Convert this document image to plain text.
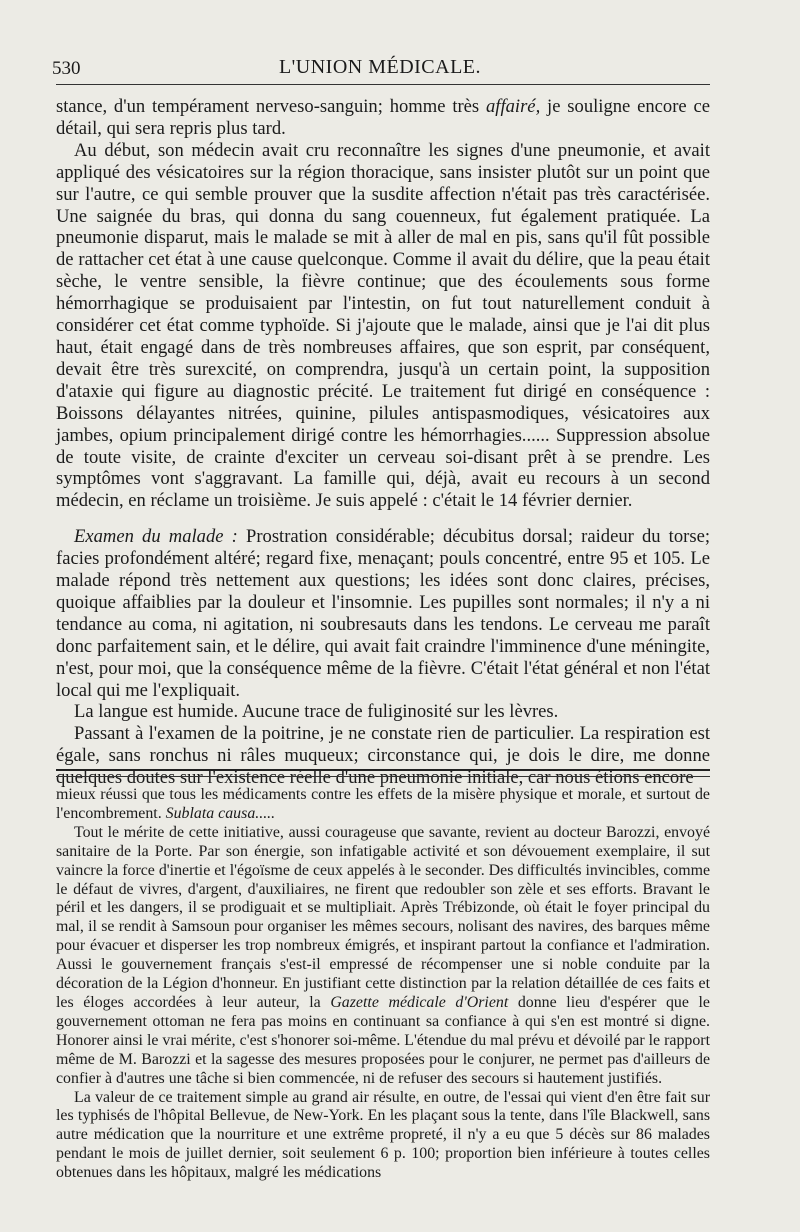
530	L'UNION MÉDICALE.

stance, d'un tempérament nerveso-sanguin; homme très affairé, je souligne encore ce détail, qui sera repris plus tard.

Au début, son médecin avait cru reconnaître les signes d'une pneumonie, et avait appliqué des vésicatoires sur la région thoracique, sans insister plutôt sur un point que sur l'autre, ce qui semble prouver que la susdite affection n'était pas très caractérisée. Une saignée du bras, qui donna du sang couenneux, fut également pratiquée. La pneumonie disparut, mais le malade se mit à aller de mal en pis, sans qu'il fût possible de rattacher cet état à une cause quelconque. Comme il avait du délire, que la peau était sèche, le ventre sensible, la fièvre continue; que des écoulements sous forme hémorrhagique se produisaient par l'intestin, on fut tout naturellement conduit à considérer cet état comme typhoïde. Si j'ajoute que le malade, ainsi que je l'ai dit plus haut, était engagé dans de très nombreuses affaires, que son esprit, par conséquent, devait être très surexcité, on comprendra, jusqu'à un certain point, la supposition d'ataxie qui figure au diagnostic précité. Le traitement fut dirigé en conséquence : Boissons délayantes nitrées, quinine, pilules antispasmodiques, vésicatoires aux jambes, opium principalement dirigé contre les hémorrhagies...... Suppression absolue de toute visite, de crainte d'exciter un cerveau soi-disant prêt à se prendre. Les symptômes vont s'aggravant. La famille qui, déjà, avait eu recours à un second médecin, en réclame un troisième. Je suis appelé : c'était le 14 février dernier.

Examen du malade : Prostration considérable; décubitus dorsal; raideur du torse; facies profondément altéré; regard fixe, menaçant; pouls concentré, entre 95 et 105. Le malade répond très nettement aux questions; les idées sont donc claires, précises, quoique affaiblies par la douleur et l'insomnie. Les pupilles sont normales; il n'y a ni tendance au coma, ni agitation, ni soubresauts dans les tendons. Le cerveau me paraît donc parfaitement sain, et le délire, qui avait fait craindre l'imminence d'une méningite, n'est, pour moi, que la conséquence même de la fièvre. C'était l'état général et non l'état local qui me l'expliquait.

La langue est humide. Aucune trace de fuliginosité sur les lèvres.

Passant à l'examen de la poitrine, je ne constate rien de particulier. La respiration est égale, sans ronchus ni râles muqueux; circonstance qui, je dois le dire, me donne quelques doutes sur l'existence réelle d'une pneumonie initiale, car nous étions encore

mieux réussi que tous les médicaments contre les effets de la misère physique et morale, et surtout de l'encombrement. Sublata causa.....

Tout le mérite de cette initiative, aussi courageuse que savante, revient au docteur Barozzi, envoyé sanitaire de la Porte. Par son énergie, son infatigable activité et son dévouement exemplaire, il sut vaincre la force d'inertie et l'égoïsme de ceux appelés à le seconder. Des difficultés invincibles, comme le défaut de vivres, d'argent, d'auxiliaires, ne firent que redoubler son zèle et ses efforts. Bravant le péril et les dangers, il se prodiguait et se multipliait. Après Trébizonde, où était le foyer principal du mal, il se rendit à Samsoun pour organiser les mêmes secours, nolisant des navires, des barques même pour évacuer et disperser les trop nombreux émigrés, et inspirant partout la confiance et l'admiration. Aussi le gouvernement français s'est-il empressé de récompenser une si noble conduite par la décoration de la Légion d'honneur. En justifiant cette distinction par la relation détaillée de ces faits et les éloges accordées à leur auteur, la Gazette médicale d'Orient donne lieu d'espérer que le gouvernement ottoman ne fera pas moins en continuant sa confiance à qui s'en est montré si digne. Honorer ainsi le vrai mérite, c'est s'honorer soi-même. L'étendue du mal prévu et dévoilé par le rapport même de M. Barozzi et la sagesse des mesures proposées pour le conjurer, ne permet pas d'ailleurs de confier à d'autres une tâche si bien commencée, ni de refuser des secours si hautement justifiés.

La valeur de ce traitement simple au grand air résulte, en outre, de l'essai qui vient d'en être fait sur les typhisés de l'hôpital Bellevue, de New-York. En les plaçant sous la tente, dans l'île Blackwell, sans autre médication que la nourriture et une extrême propreté, il n'y a eu que 5 décès sur 86 malades pendant le mois de juillet dernier, soit seulement 6 p. 100; proportion bien inférieure à toutes celles obtenues dans les hôpitaux, malgré les médications
